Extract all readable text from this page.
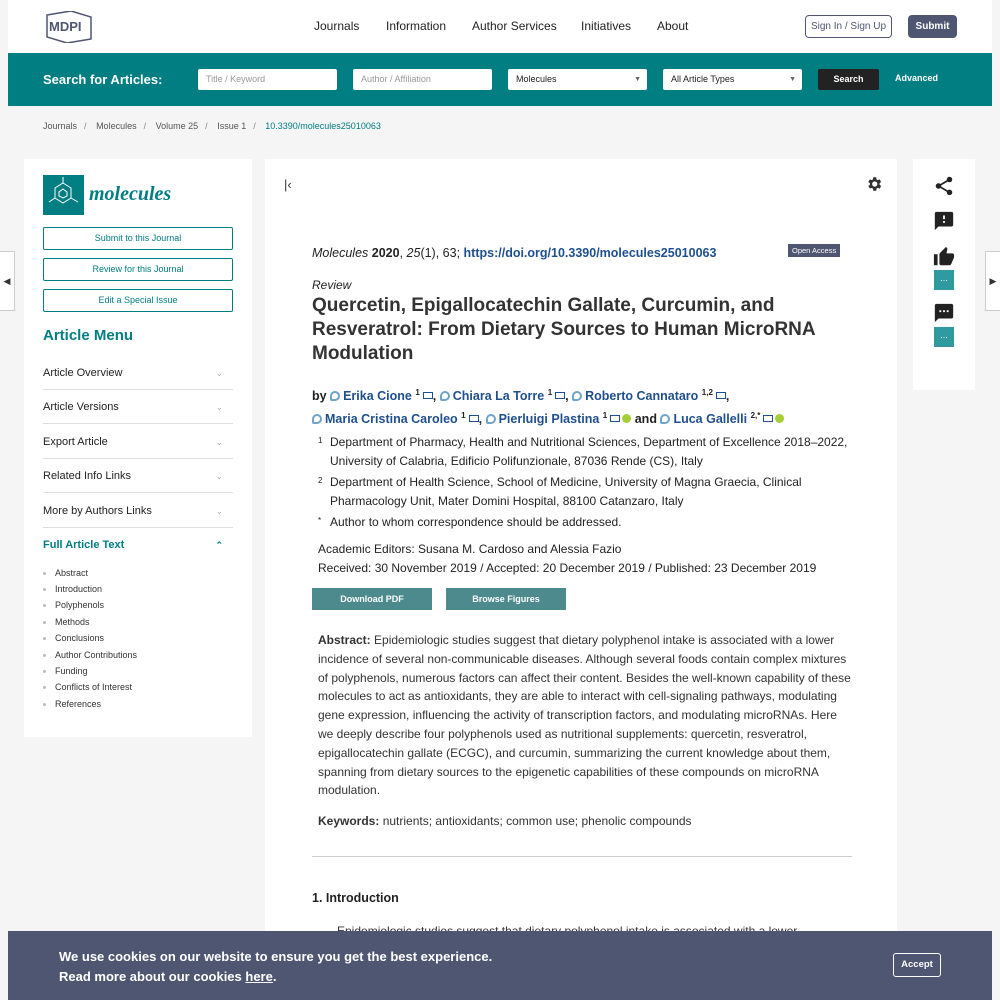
MDPI	Journals Information Author Services Initiatives About	Sign In / Sign Up	Submit
Search for Articles:	Title / Keyword	Author / Affiliation	Molecules	▼	All Article Types	▼	Search	Advanced
Journals / Molecules / Volume 25 / Issue 1 / 10.3390/molecules25010063
molecules
Submit to this Journal
Review for this Journal
Edit a Special Issue
Article Menu
Article Overview	⌄
Article Versions	⌄
Export Article	⌄
Related Info Links	⌄
More by Authors Links	⌄
Full Article Text	⌃
Abstract
Introduction
Polyphenols
Methods
Conclusions
Author Contributions
Funding
Conflicts of Interest
References
|‹
Molecules 2020, 25(1), 63; https://doi.org/10.3390/molecules25010063	Open Access
Review
Quercetin, Epigallocatechin Gallate, Curcumin, and Resveratrol: From Dietary Sources to Human MicroRNA Modulation
by Erika Cione $^1$ , Chiara La Torre $^1$ , Roberto Cannataro $^{1,2}$ ,
Maria Cristina Caroleo $^1$ , Pierluigi Plastina $^1$ and Luca Gallelli $^{2,*}$
1 Department of Pharmacy, Health and Nutritional Sciences, Department of Excellence 2018–2022, University of Calabria, Edificio Polifunzionale, 87036 Rende (CS), Italy
2 Department of Health Science, School of Medicine, University of Magna Graecia, Clinical Pharmacology Unit, Mater Domini Hospital, 88100 Catanzaro, Italy
* Author to whom correspondence should be addressed.
Academic Editors: Susana M. Cardoso and Alessia Fazio
Received: 30 November 2019 / Accepted: 20 December 2019 / Published: 23 December 2019
Download PDF	Browse Figures
Abstract: Epidemiologic studies suggest that dietary polyphenol intake is associated with a lower incidence of several non-communicable diseases. Although several foods contain complex mixtures of polyphenols, numerous factors can affect their content. Besides the well-known capability of these molecules to act as antioxidants, they are able to interact with cell-signaling pathways, modulating gene expression, influencing the activity of transcription factors, and modulating microRNAs. Here we deeply describe four polyphenols used as nutritional supplements: quercetin, resveratrol, epigallocatechin gallate (ECGC), and curcumin, summarizing the current knowledge about them, spanning from dietary sources to the epigenetic capabilities of these compounds on microRNA modulation.
Keywords: nutrients; antioxidants; common use; phenolic compounds
1. Introduction
...
...
◀	▶
We use cookies on our website to ensure you get the best experience.
Read more about our cookies here.
Accept
